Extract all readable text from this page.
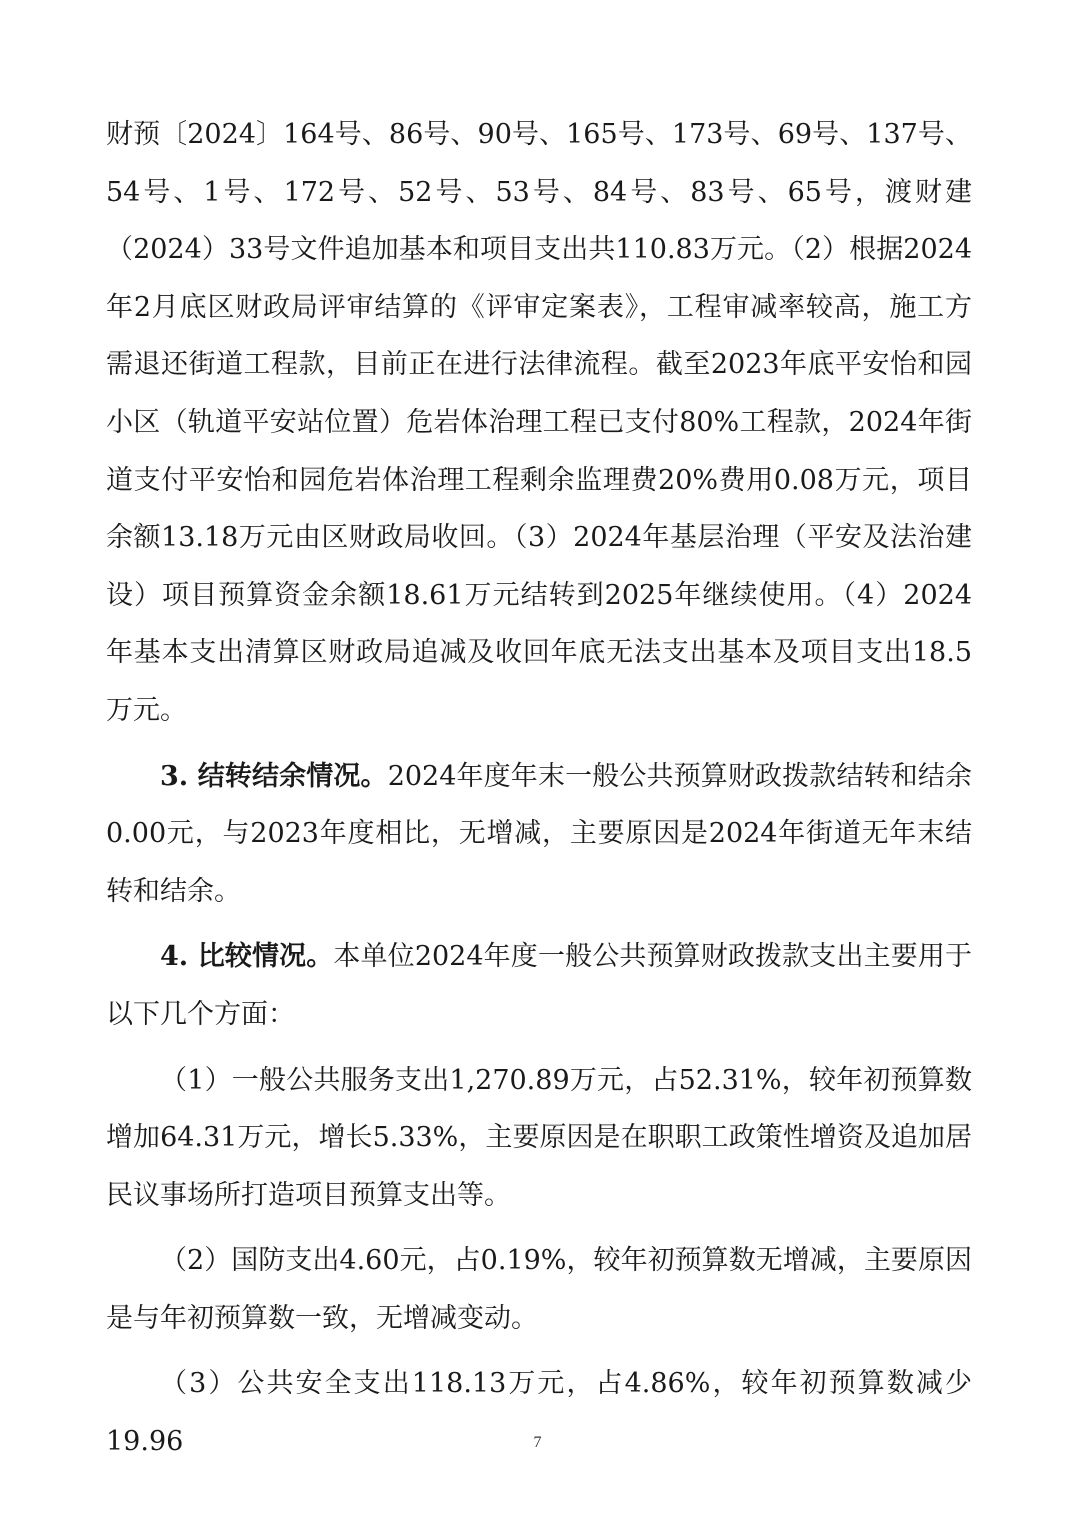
财预〔2024〕164号、86号、90号、165号、173号、69号、137号、54号、1号、172号、52号、53号、84号、83号、65号，渡财建（2024）33号文件追加基本和项目支出共110.83万元。（2）根据2024年2月底区财政局评审结算的《评审定案表》，工程审减率较高，施工方需退还街道工程款，目前正在进行法律流程。截至2023年底平安怡和园小区（轨道平安站位置）危岩体治理工程已支付80%工程款，2024年街道支付平安怡和园危岩体治理工程剩余监理费20%费用0.08万元，项目余额13.18万元由区财政局收回。（3）2024年基层治理（平安及法治建设）项目预算资金余额18.61万元结转到2025年继续使用。（4）2024年基本支出清算区财政局追减及收回年底无法支出基本及项目支出18.5万元。

3. 结转结余情况。2024年度年末一般公共预算财政拨款结转和结余0.00元，与2023年度相比，无增减，主要原因是2024年街道无年末结转和结余。

4. 比较情况。本单位2024年度一般公共预算财政拨款支出主要用于以下几个方面：

（1）一般公共服务支出1,270.89万元，占52.31%，较年初预算数增加64.31万元，增长5.33%，主要原因是在职职工政策性增资及追加居民议事场所打造项目预算支出等。

（2）国防支出4.60元，占0.19%，较年初预算数无增减，主要原因是与年初预算数一致，无增减变动。

（3）公共安全支出118.13万元，占4.86%，较年初预算数减少19.96	7
